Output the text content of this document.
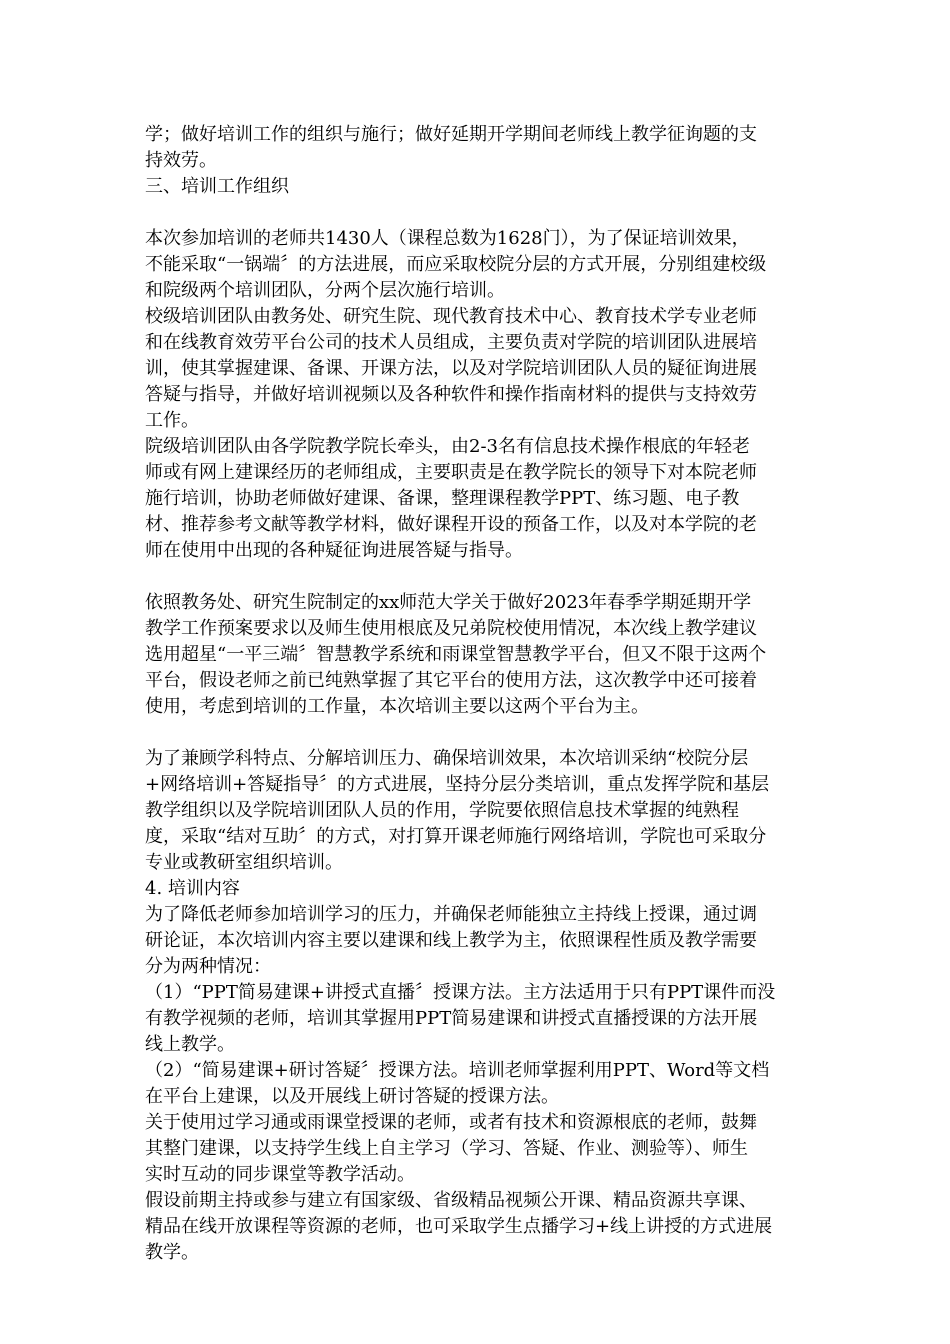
学；做好培训工作的组织与施行；做好延期开学期间老师线上教学征询题的支
持效劳。

三、培训工作组织

本次参加培训的老师共1430人（课程总数为1628门），为了保证培训效果，
不能采取“一锅端〞的方法进展，而应采取校院分层的方式开展，分别组建校级
和院级两个培训团队，分两个层次施行培训。

校级培训团队由教务处、研究生院、现代教育技术中心、教育技术学专业老师
和在线教育效劳平台公司的技术人员组成，主要负责对学院的培训团队进展培
训，使其掌握建课、备课、开课方法，以及对学院培训团队人员的疑征询进展
答疑与指导，并做好培训视频以及各种软件和操作指南材料的提供与支持效劳
工作。

院级培训团队由各学院教学院长牵头，由2-3名有信息技术操作根底的年轻老
师或有网上建课经历的老师组成，主要职责是在教学院长的领导下对本院老师
施行培训，协助老师做好建课、备课，整理课程教学PPT、练习题、电子教
材、推荐参考文献等教学材料，做好课程开设的预备工作，以及对本学院的老
师在使用中出现的各种疑征询进展答疑与指导。

依照教务处、研究生院制定的xx师范大学关于做好2023年春季学期延期开学
教学工作预案要求以及师生使用根底及兄弟院校使用情况，本次线上教学建议
选用超星“一平三端〞智慧教学系统和雨课堂智慧教学平台，但又不限于这两个
平台，假设老师之前已纯熟掌握了其它平台的使用方法，这次教学中还可接着
使用，考虑到培训的工作量，本次培训主要以这两个平台为主。

为了兼顾学科特点、分解培训压力、确保培训效果，本次培训采纳“校院分层
+网络培训+答疑指导〞的方式进展，坚持分层分类培训，重点发挥学院和基层
教学组织以及学院培训团队人员的作用，学院要依照信息技术掌握的纯熟程
度，采取“结对互助〞的方式，对打算开课老师施行网络培训，学院也可采取分
专业或教研室组织培训。

4. 培训内容

为了降低老师参加培训学习的压力，并确保老师能独立主持线上授课，通过调
研论证，本次培训内容主要以建课和线上教学为主，依照课程性质及教学需要
分为两种情况：

（1）“PPT简易建课+讲授式直播〞授课方法。主方法适用于只有PPT课件而没
有教学视频的老师，培训其掌握用PPT简易建课和讲授式直播授课的方法开展
线上教学。

（2）“简易建课+研讨答疑〞授课方法。培训老师掌握利用PPT、Word等文档
在平台上建课，以及开展线上研讨答疑的授课方法。

关于使用过学习通或雨课堂授课的老师，或者有技术和资源根底的老师，鼓舞
其整门建课，以支持学生线上自主学习（学习、答疑、作业、测验等）、师生
实时互动的同步课堂等教学活动。

假设前期主持或参与建立有国家级、省级精品视频公开课、精品资源共享课、
精品在线开放课程等资源的老师，也可采取学生点播学习+线上讲授的方式进展
教学。
